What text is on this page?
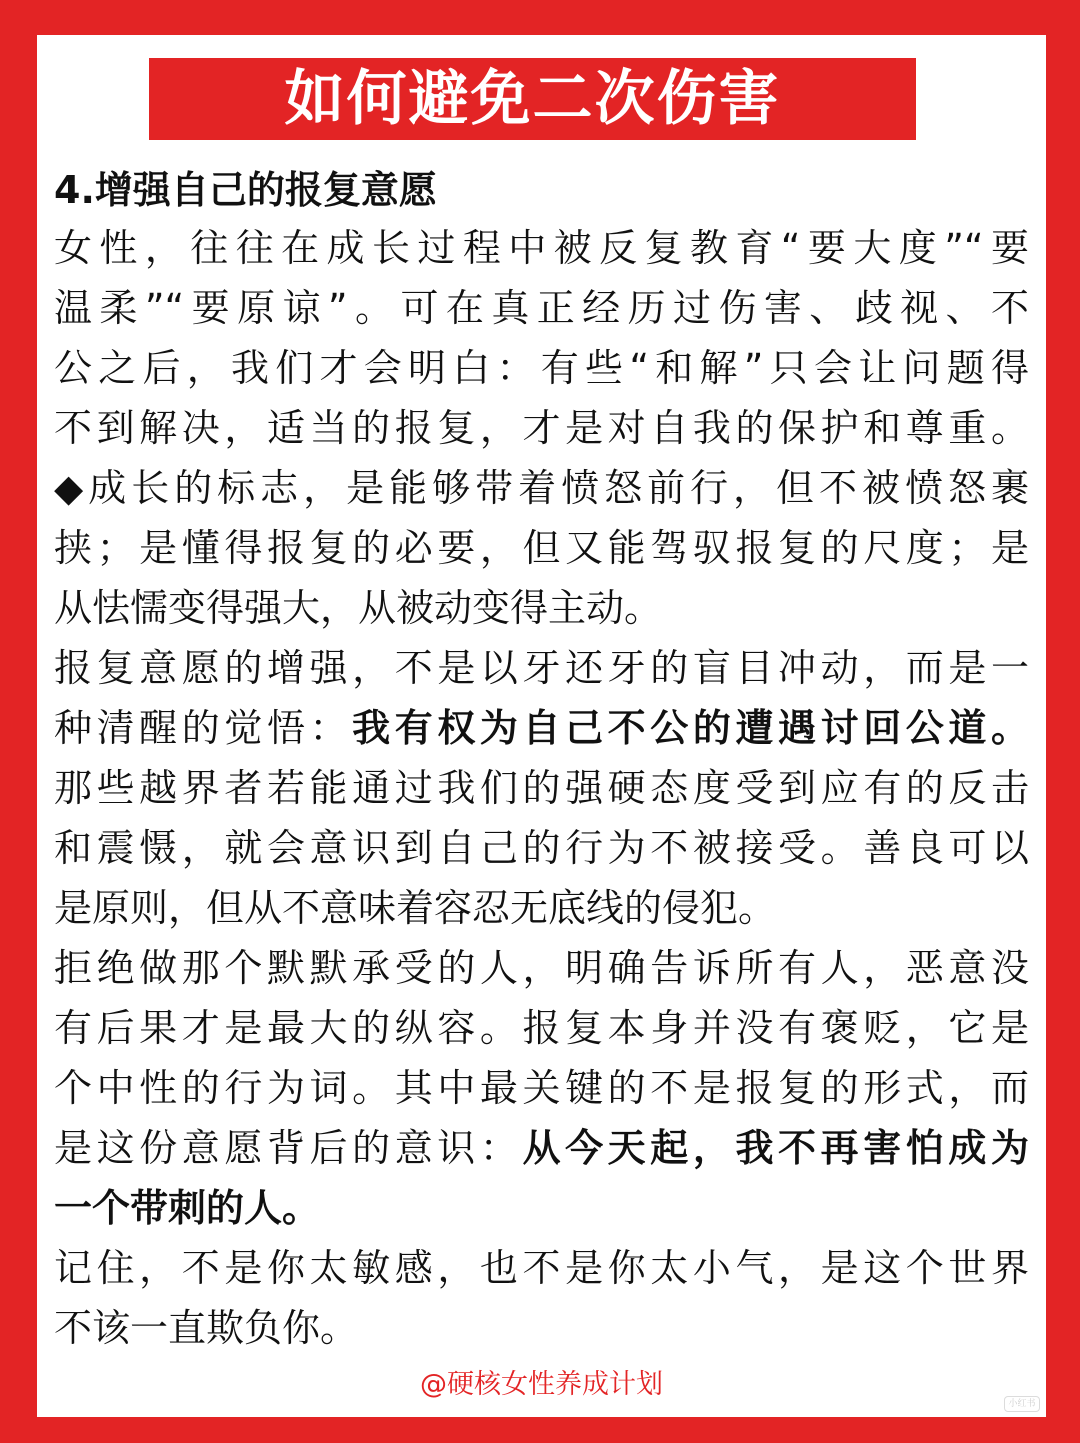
如何避免二次伤害
4.增强自己的报复意愿
女性，往往在成长过程中被反复教育“要大度”“要
温柔”“要原谅”。可在真正经历过伤害、歧视、不
公之后，我们才会明白：有些“和解”只会让问题得
不到解决，适当的报复，才是对自我的保护和尊重。
◆成长的标志，是能够带着愤怒前行，但不被愤怒裹
挟；是懂得报复的必要，但又能驾驭报复的尺度；是
从怯懦变得强大，从被动变得主动。
报复意愿的增强，不是以牙还牙的盲目冲动，而是一
种清醒的觉悟：我有权为自己不公的遭遇讨回公道。
那些越界者若能通过我们的强硬态度受到应有的反击
和震慑，就会意识到自己的行为不被接受。善良可以
是原则，但从不意味着容忍无底线的侵犯。
拒绝做那个默默承受的人，明确告诉所有人，恶意没
有后果才是最大的纵容。报复本身并没有褒贬，它是
个中性的行为词。其中最关键的不是报复的形式，而
是这份意愿背后的意识：从今天起，我不再害怕成为
一个带刺的人。
记住，不是你太敏感，也不是你太小气，是这个世界
不该一直欺负你。
@硬核女性养成计划
小红书
